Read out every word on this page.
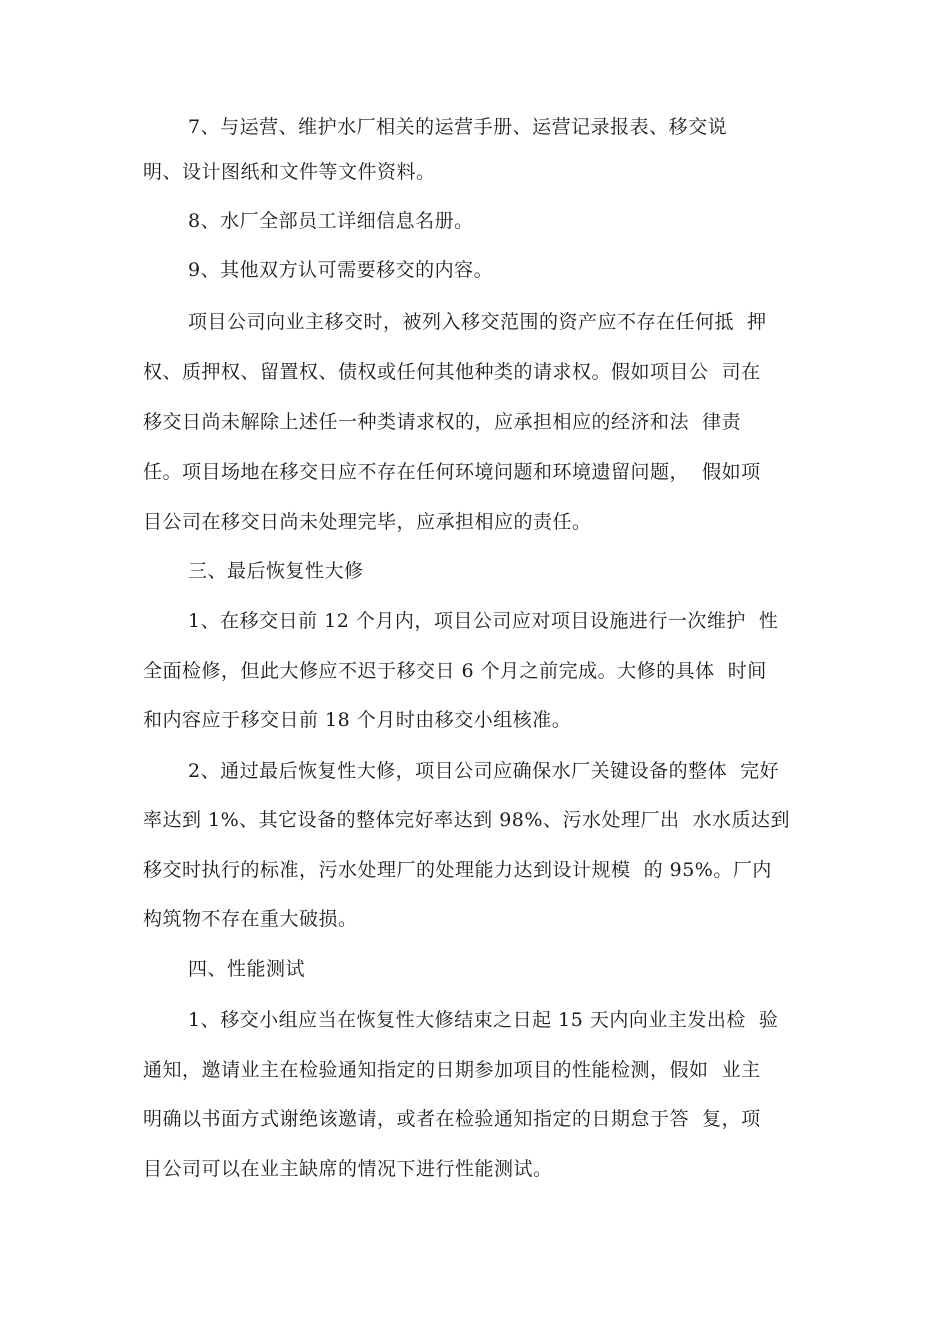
7、与运营、维护水厂相关的运营手册、运营记录报表、移交说
明、设计图纸和文件等文件资料。
8、水厂全部员工详细信息名册。
9、其他双方认可需要移交的内容。
项目公司向业主移交时，被列入移交范围的资产应不存在任何抵  押
权、质押权、留置权、债权或任何其他种类的请求权。假如项目公  司在
移交日尚未解除上述任一种类请求权的，应承担相应的经济和法  律责
任。项目场地在移交日应不存在任何环境问题和环境遗留问题，  假如项
目公司在移交日尚未处理完毕，应承担相应的责任。
三、最后恢复性大修
1、在移交日前 12 个月内，项目公司应对项目设施进行一次维护  性
全面检修，但此大修应不迟于移交日 6 个月之前完成。大修的具体  时间
和内容应于移交日前 18 个月时由移交小组核准。
2、通过最后恢复性大修，项目公司应确保水厂关键设备的整体  完好
率达到 1%、其它设备的整体完好率达到 98%、污水处理厂出  水水质达到
移交时执行的标准，污水处理厂的处理能力达到设计规模  的 95%。厂内
构筑物不存在重大破损。
四、性能测试
1、移交小组应当在恢复性大修结束之日起 15 天内向业主发出检  验
通知，邀请业主在检验通知指定的日期参加项目的性能检测，假如  业主
明确以书面方式谢绝该邀请，或者在检验通知指定的日期怠于答  复，项
目公司可以在业主缺席的情况下进行性能测试。
